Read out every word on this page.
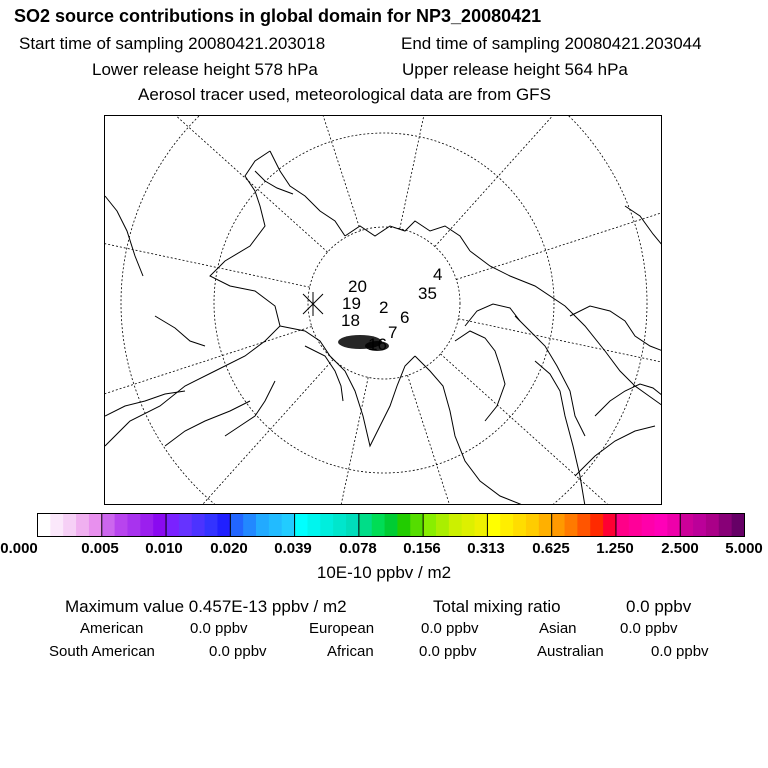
SO2 source contributions in global domain for NP3_20080421
Start time of sampling 20080421.203018	End time of sampling 20080421.203044
Lower release height 578 hPa	Upper release height 564 hPa
Aerosol tracer used, meteorological data are from GFS
20
19
18
2
6
4
35
7
16
0.000	0.005 0.010 0.020 0.039 0.078 0.156 0.313 0.625 1.250 2.500 5.000
10E-10 ppbv / m2
Maximum value 0.457E-13 ppbv / m2	Total mixing ratio	0.0 ppbv
American	0.0 ppbv	European	0.0 ppbv	Asian	0.0 ppbv
South American	0.0 ppbv	African	0.0 ppbv	Australian	0.0 ppbv
